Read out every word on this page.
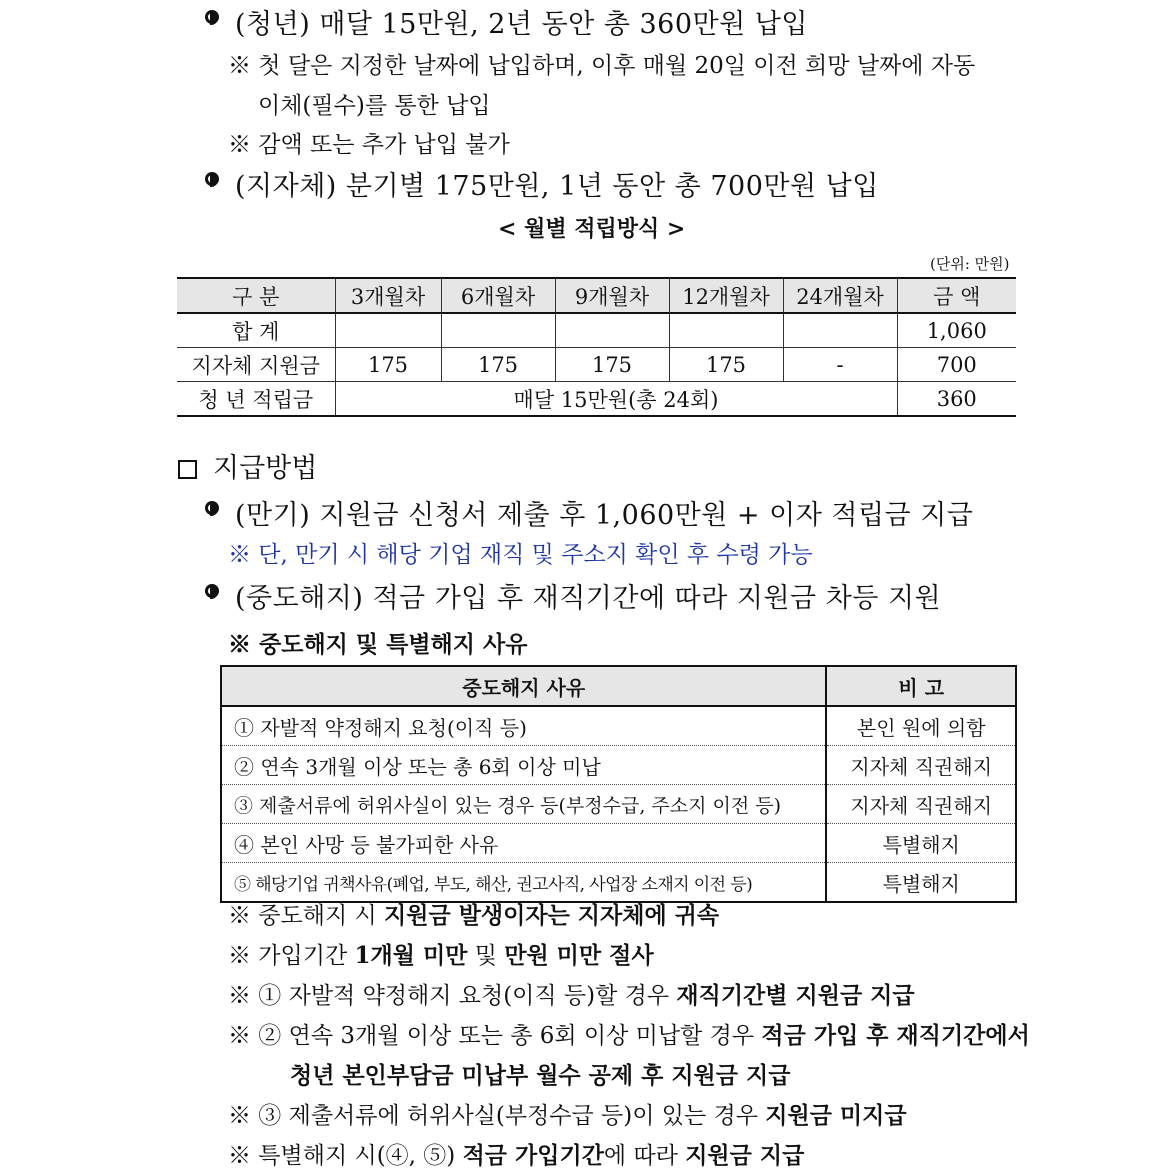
(청년) 매달 15만원, 2년 동안 총 360만원 납입
※ 첫 달은 지정한 날짜에 납입하며, 이후 매월 20일 이전 희망 날짜에 자동
이체(필수)를 통한 납입
※ 감액 또는 추가 납입 불가
(지자체) 분기별 175만원, 1년 동안 총 700만원 납입
< 월별 적립방식 >
(단위: 만원)
구 분	3개월차	6개월차	9개월차	12개월차	24개월차	금 액
합 계						1,060
지자체 지원금	175	175	175	175	-	700
청 년 적립금	매달 15만원(총 24회)					360
지급방법
(만기) 지원금 신청서 제출 후 1,060만원 + 이자 적립금 지급
※ 단, 만기 시 해당 기업 재직 및 주소지 확인 후 수령 가능
(중도해지) 적금 가입 후 재직기간에 따라 지원금 차등 지원
※ 중도해지 및 특별해지 사유
중도해지 사유	비 고
① 자발적 약정해지 요청(이직 등)	본인 원에 의함
② 연속 3개월 이상 또는 총 6회 이상 미납	지자체 직권해지
③ 제출서류에 허위사실이 있는 경우 등(부정수급, 주소지 이전 등)	지자체 직권해지
④ 본인 사망 등 불가피한 사유	특별해지
⑤ 해당기업 귀책사유(폐업, 부도, 해산, 권고사직, 사업장 소재지 이전 등)	특별해지
※ 중도해지 시 지원금 발생이자는 지자체에 귀속
※ 가입기간 1개월 미만 및 만원 미만 절사
※ ① 자발적 약정해지 요청(이직 등)할 경우 재직기간별 지원금 지급
※ ② 연속 3개월 이상 또는 총 6회 이상 미납할 경우 적금 가입 후 재직기간에서
청년 본인부담금 미납부 월수 공제 후 지원금 지급
※ ③ 제출서류에 허위사실(부정수급 등)이 있는 경우 지원금 미지급
※ 특별해지 시(④, ⑤) 적금 가입기간에 따라 지원금 지급
